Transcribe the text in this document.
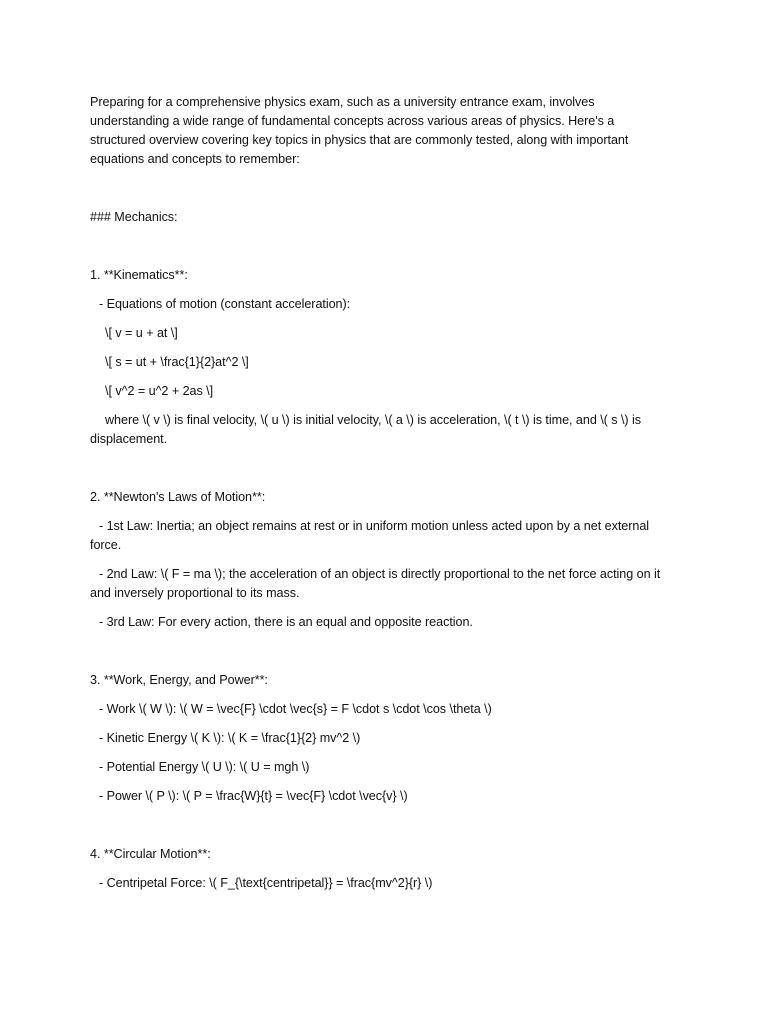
Preparing for a comprehensive physics exam, such as a university entrance exam, involves

understanding a wide range of fundamental concepts across various areas of physics. Here's a

structured overview covering key topics in physics that are commonly tested, along with important

equations and concepts to remember:

### Mechanics:

1. **Kinematics**:

- Equations of motion (constant acceleration):

\[ v = u + at \]

\[ s = ut + \frac{1}{2}at^2 \]

\[ v^2 = u^2 + 2as \]

where \( v \) is final velocity, \( u \) is initial velocity, \( a \) is acceleration, \( t \) is time, and \( s \) is

displacement.

2. **Newton's Laws of Motion**:

- 1st Law: Inertia; an object remains at rest or in uniform motion unless acted upon by a net external

force.

- 2nd Law: \( F = ma \); the acceleration of an object is directly proportional to the net force acting on it

and inversely proportional to its mass.

- 3rd Law: For every action, there is an equal and opposite reaction.

3. **Work, Energy, and Power**:

- Work \( W \): \( W = \vec{F} \cdot \vec{s} = F \cdot s \cdot \cos \theta \)

- Kinetic Energy \( K \): \( K = \frac{1}{2} mv^2 \)

- Potential Energy \( U \): \( U = mgh \)

- Power \( P \): \( P = \frac{W}{t} = \vec{F} \cdot \vec{v} \)

4. **Circular Motion**:

- Centripetal Force: \( F_{\text{centripetal}} = \frac{mv^2}{r} \)
